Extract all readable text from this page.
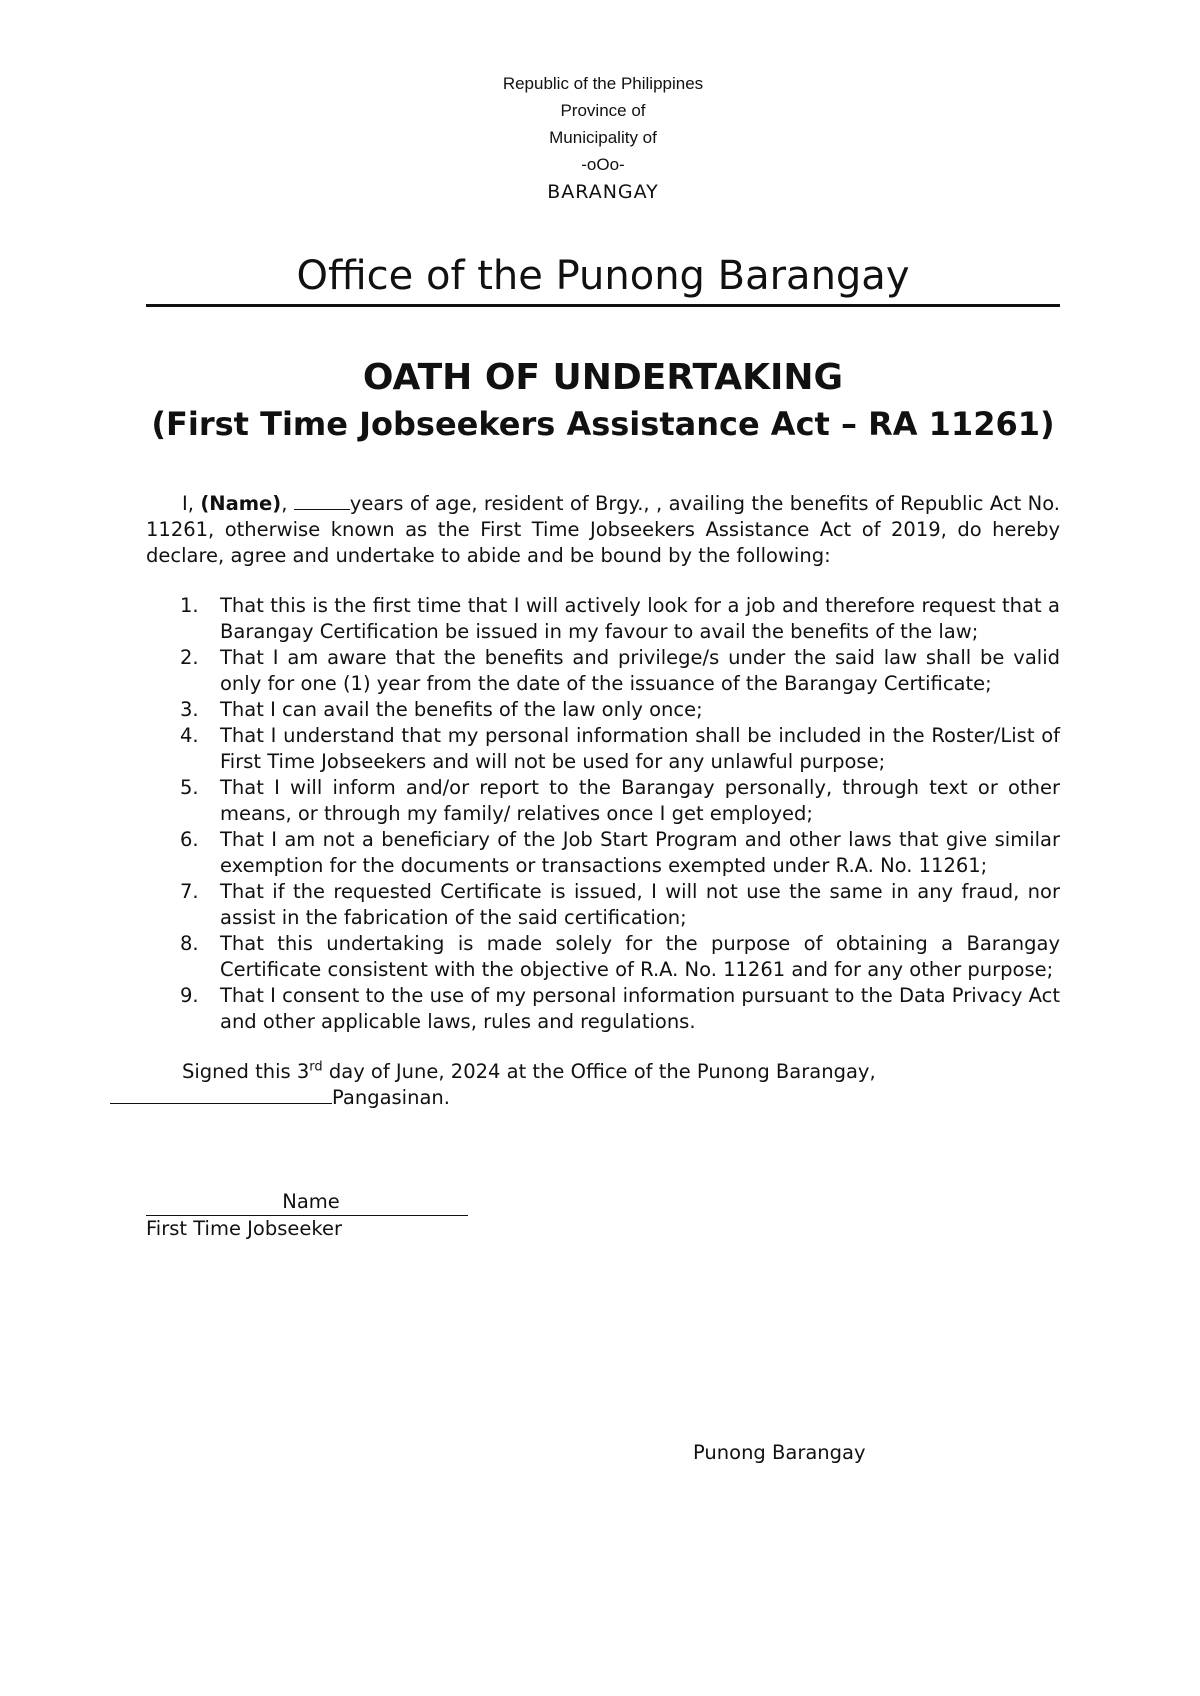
Republic of the Philippines
Province of
Municipality of
-oOo-
BARANGAY
Office of the Punong Barangay
OATH OF UNDERTAKING
(First Time Jobseekers Assistance Act – RA 11261)

I, (Name),	years of age, resident of Brgy., , availing the benefits of Republic Act No. 11261, otherwise known as the First Time Jobseekers Assistance Act of 2019, do hereby declare, agree and undertake to abide and be bound by the following:

1. That this is the first time that I will actively look for a job and therefore request that a Barangay Certification be issued in my favour to avail the benefits of the law;
2. That I am aware that the benefits and privilege/s under the said law shall be valid only for one (1) year from the date of the issuance of the Barangay Certificate;
3. That I can avail the benefits of the law only once;
4. That I understand that my personal information shall be included in the Roster/List of First Time Jobseekers and will not be used for any unlawful purpose;
5. That I will inform and/or report to the Barangay personally, through text or other means, or through my family/ relatives once I get employed;
6. That I am not a beneficiary of the Job Start Program and other laws that give similar exemption for the documents or transactions exempted under R.A. No. 11261;
7. That if the requested Certificate is issued, I will not use the same in any fraud, nor assist in the fabrication of the said certification;
8. That this undertaking is made solely for the purpose of obtaining a Barangay Certificate consistent with the objective of R.A. No. 11261 and for any other purpose;
9. That I consent to the use of my personal information pursuant to the Data Privacy Act and other applicable laws, rules and regulations.

Signed this 3rd day of June, 2024 at the Office of the Punong Barangay,
Pangasinan.

Name
First Time Jobseeker
Punong Barangay
